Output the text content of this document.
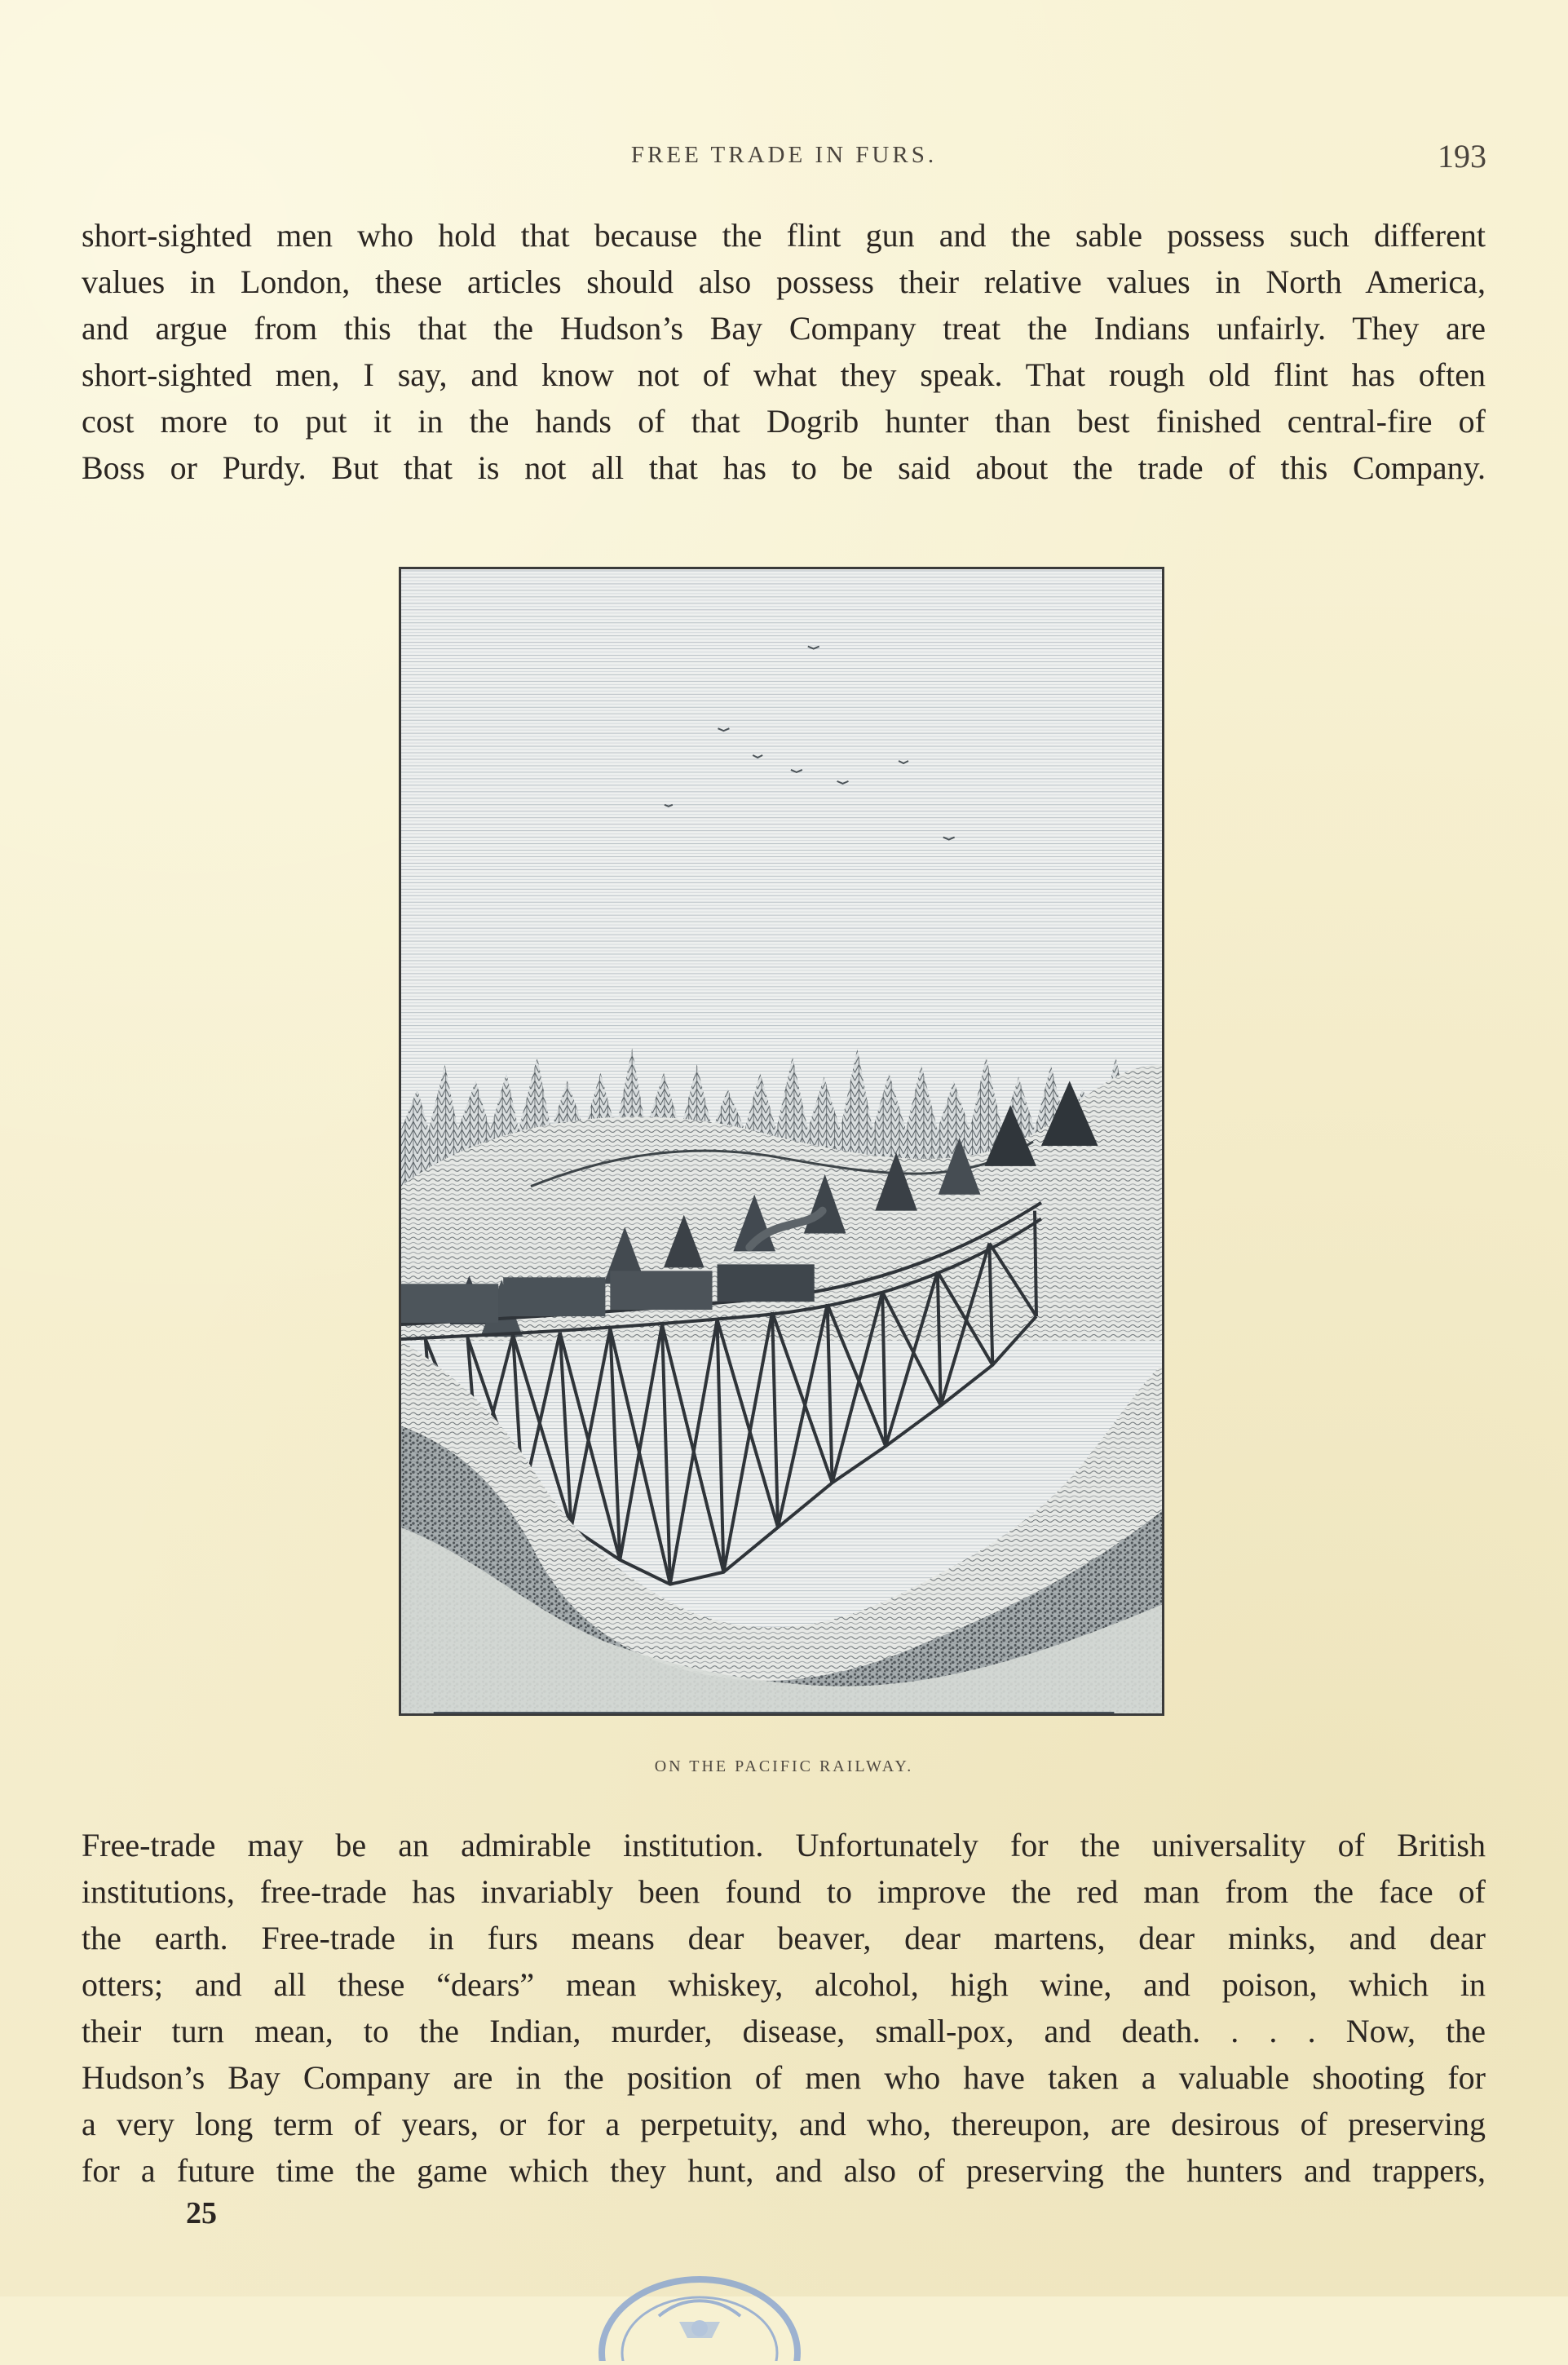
FREE TRADE IN FURS.	193
short-sighted men who hold that because the flint gun and the sable possess such different
values in London, these articles should also possess their relative values in North America,
and argue from this that the Hudson’s Bay Company treat the Indians unfairly. They are
short-sighted men, I say, and know not of what they speak. That rough old flint has often
cost more to put it in the hands of that Dogrib hunter than best finished central-fire of
Boss or Purdy. But that is not all that has to be said about the trade of this Company.
ON THE PACIFIC RAILWAY.
Free-trade may be an admirable institution. Unfortunately for the universality of British
institutions, free-trade has invariably been found to improve the red man from the face of
the earth. Free-trade in furs means dear beaver, dear martens, dear minks, and dear
otters; and all these “dears” mean whiskey, alcohol, high wine, and poison, which in
their turn mean, to the Indian, murder, disease, small-pox, and death. . . . Now, the
Hudson’s Bay Company are in the position of men who have taken a valuable shooting for
a very long term of years, or for a perpetuity, and who, thereupon, are desirous of preserving
for a future time the game which they hunt, and also of preserving the hunters and trappers,
25
